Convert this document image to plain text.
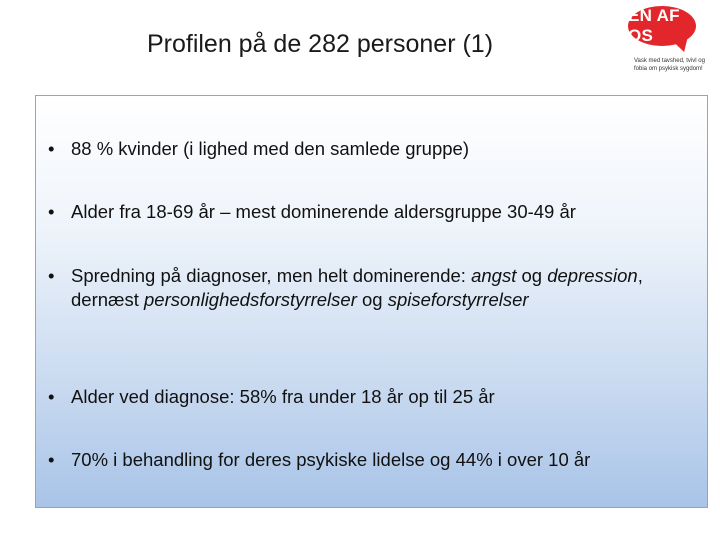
Profilen på de 282 personer (1)
EN AF OS
Vask med tavshed, tvivl og fobia om psykisk sygdom!
• 88 % kvinder (i lighed med den samlede gruppe)
• Alder fra 18-69 år – mest dominerende aldersgruppe 30-49 år
• Spredning på diagnoser, men helt dominerende: angst og depression, dernæst personlighedsforstyrrelser og spiseforstyrrelser
• Alder ved diagnose: 58% fra under 18 år op til 25 år
• 70% i behandling for deres psykiske lidelse og 44% i over 10 år
